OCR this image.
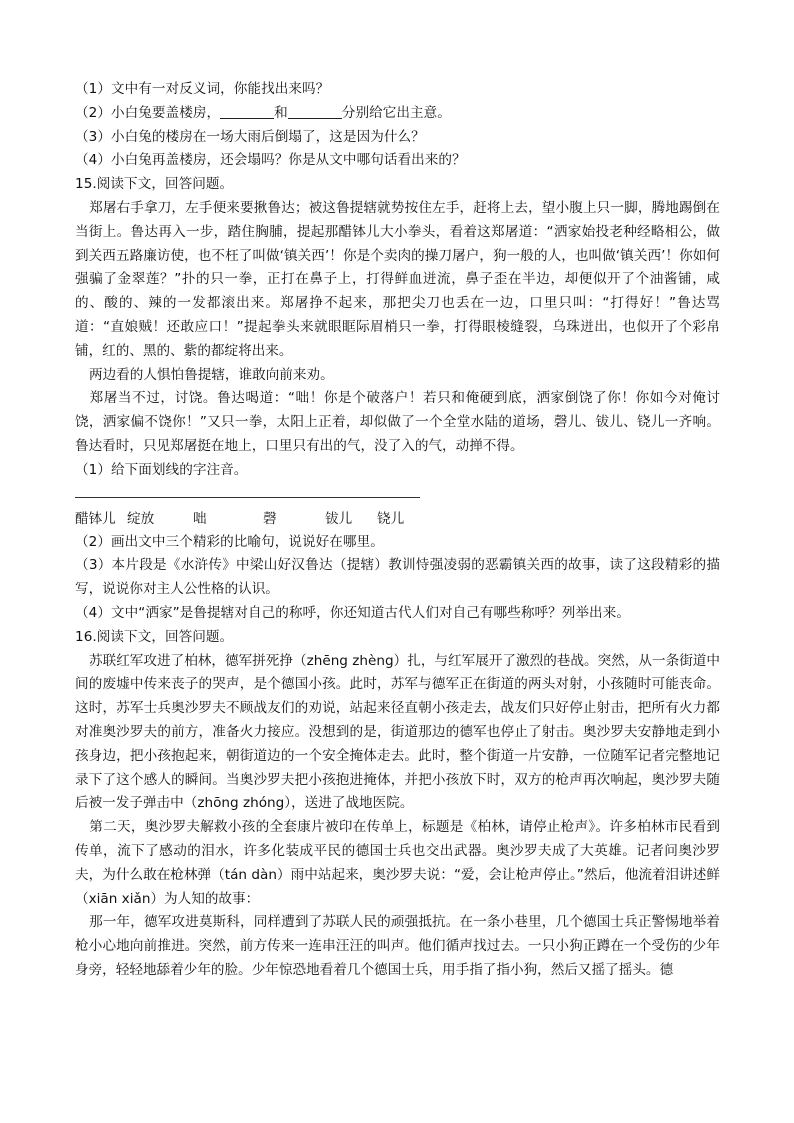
（1）文中有一对反义词，你能找出来吗？
（2）小白兔要盖楼房，	和	分别给它出主意。
（3）小白兔的楼房在一场大雨后倒塌了，这是因为什么？
（4）小白兔再盖楼房，还会塌吗？你是从文中哪句话看出来的？
15.阅读下文，回答问题。
郑屠右手拿刀，左手便来要揪鲁达；被这鲁提辖就势按住左手，赶将上去，望小腹上只一脚，腾地踢倒在当街上。鲁达再入一步，踏住胸脯，提起那醋钵儿大小拳头，看着这郑屠道：“洒家始投老种经略相公，做到关西五路廉访使，也不枉了叫做‘镇关西’！你是个卖肉的操刀屠户，狗一般的人，也叫做‘镇关西’！你如何强骗了金翠莲？”扑的只一拳，正打在鼻子上，打得鲜血迸流，鼻子歪在半边，却便似开了个油酱铺，咸的、酸的、辣的一发都滚出来。郑屠挣不起来，那把尖刀也丢在一边，口里只叫：“打得好！”鲁达骂道：“直娘贼！还敢应口！”提起拳头来就眼眶际眉梢只一拳，打得眼棱缝裂，乌珠迸出，也似开了个彩帛铺，红的、黑的、紫的都绽将出来。
两边看的人惧怕鲁提辖，谁敢向前来劝。
郑屠当不过，讨饶。鲁达喝道：“咄！你是个破落户！若只和俺硬到底，洒家倒饶了你！你如今对俺讨饶，洒家偏不饶你！”又只一拳，太阳上正着，却似做了一个全堂水陆的道场，磬儿、钹儿、铙儿一齐响。鲁达看时，只见郑屠挺在地上，口里只有出的气，没了入的气，动掸不得。
（1）给下面划线的字注音。
醋钵儿 绽放	咄	磬	钹儿	铙儿
（2）画出文中三个精彩的比喻句，说说好在哪里。
（3）本片段是《水浒传》中梁山好汉鲁达（提辖）教训恃强凌弱的恶霸镇关西的故事，读了这段精彩的描写，说说你对主人公性格的认识。
（4）文中“洒家”是鲁提辖对自己的称呼，你还知道古代人们对自己有哪些称呼？列举出来。
16.阅读下文，回答问题。
苏联红军攻进了柏林，德军拼死挣（zhēng zhèng）扎，与红军展开了激烈的巷战。突然，从一条街道中间的废墟中传来丧子的哭声，是个德国小孩。此时，苏军与德军正在街道的两头对射，小孩随时可能丧命。这时，苏军士兵奥沙罗夫不顾战友们的劝说，站起来径直朝小孩走去，战友们只好停止射击，把所有火力都对准奥沙罗夫的前方，准备火力接应。没想到的是，街道那边的德军也停止了射击。奥沙罗夫安静地走到小孩身边，把小孩抱起来，朝街道边的一个安全掩体走去。此时，整个街道一片安静，一位随军记者完整地记录下了这个感人的瞬间。当奥沙罗夫把小孩抱进掩体，并把小孩放下时，双方的枪声再次响起，奥沙罗夫随后被一发子弹击中（zhōng zhóng），送进了战地医院。
第二天，奥沙罗夫解救小孩的全套康片被印在传单上，标题是《柏林，请停止枪声》。许多柏林市民看到传单，流下了感动的泪水，许多化装成平民的德国士兵也交出武器。奥沙罗夫成了大英雄。记者问奥沙罗夫，为什么敢在枪林弹（tán dàn）雨中站起来，奥沙罗夫说：“爱，会让枪声停止。”然后，他流着泪讲述鲜（xiān xiǎn）为人知的故事：
那一年，德军攻进莫斯科，同样遭到了苏联人民的顽强抵抗。在一条小巷里，几个德国士兵正警惕地举着枪小心地向前推进。突然，前方传来一连串汪汪的叫声。他们循声找过去。一只小狗正蹲在一个受伤的少年身旁，轻轻地舔着少年的脸。少年惊恐地看着几个德国士兵，用手指了指小狗，然后又摇了摇头。德
